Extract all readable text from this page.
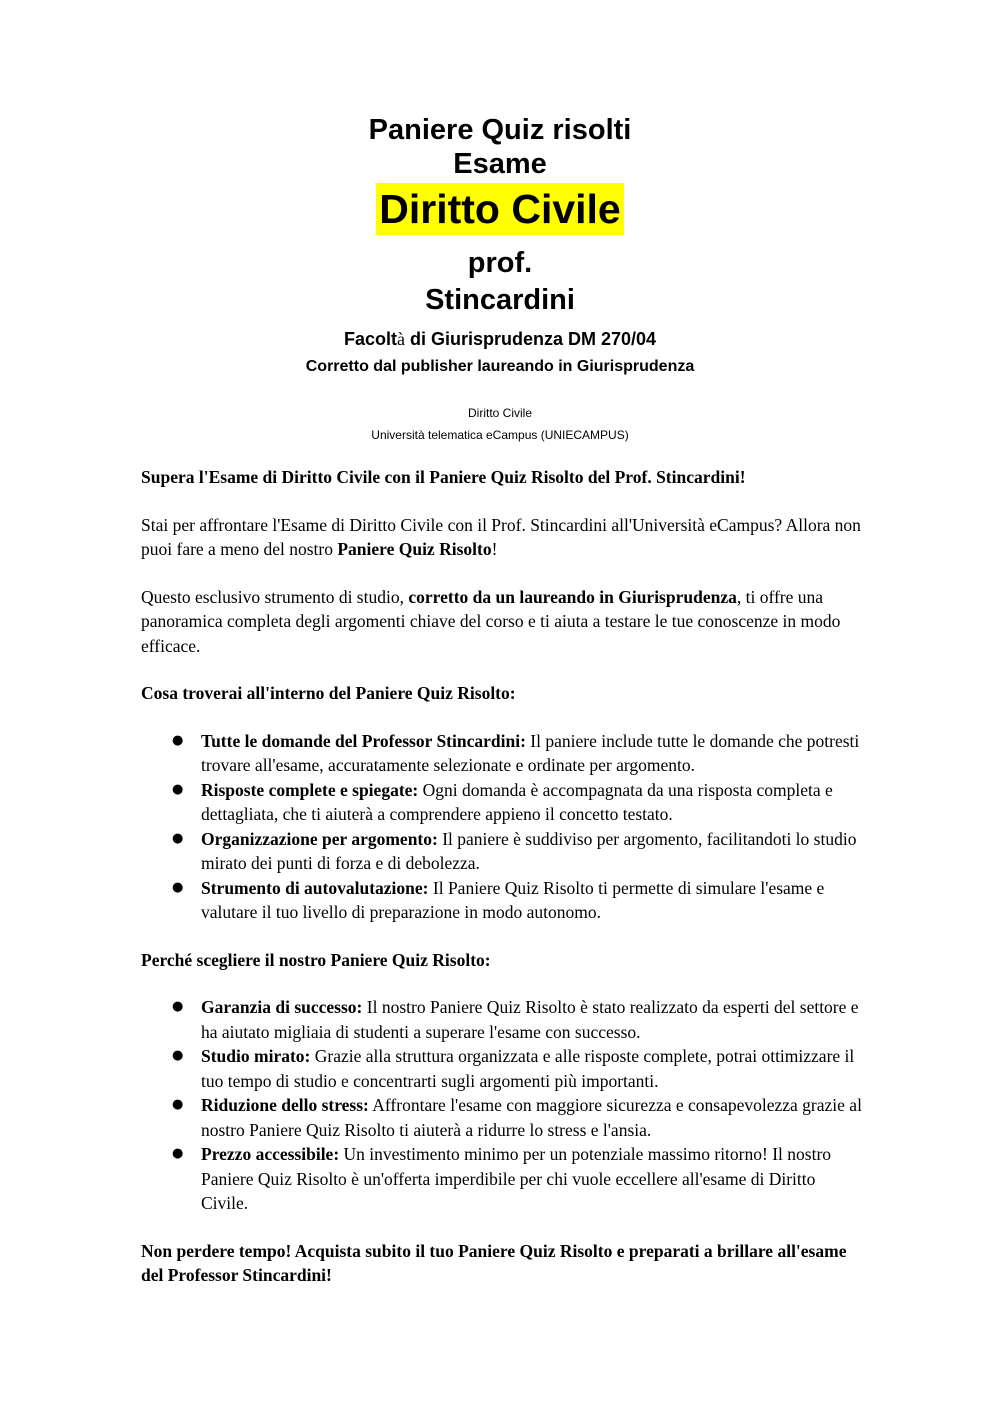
Paniere Quiz risolti
Esame
Diritto Civile
prof.
Stincardini
Facoltà di Giurisprudenza DM 270/04
Corretto dal publisher laureando in Giurisprudenza
Diritto Civile
Università telematica eCampus (UNIECAMPUS)
Supera l'Esame di Diritto Civile con il Paniere Quiz Risolto del Prof. Stincardini!

Stai per affrontare l'Esame di Diritto Civile con il Prof. Stincardini all'Università eCampus? Allora non puoi fare a meno del nostro Paniere Quiz Risolto!

Questo esclusivo strumento di studio, corretto da un laureando in Giurisprudenza, ti offre una panoramica completa degli argomenti chiave del corso e ti aiuta a testare le tue conoscenze in modo efficace.

Cosa troverai all'interno del Paniere Quiz Risolto:
● Tutte le domande del Professor Stincardini: Il paniere include tutte le domande che potresti trovare all'esame, accuratamente selezionate e ordinate per argomento.
● Risposte complete e spiegate: Ogni domanda è accompagnata da una risposta completa e dettagliata, che ti aiuterà a comprendere appieno il concetto testato.
● Organizzazione per argomento: Il paniere è suddiviso per argomento, facilitandoti lo studio mirato dei punti di forza e di debolezza.
● Strumento di autovalutazione: Il Paniere Quiz Risolto ti permette di simulare l'esame e valutare il tuo livello di preparazione in modo autonomo.
Perché scegliere il nostro Paniere Quiz Risolto:
● Garanzia di successo: Il nostro Paniere Quiz Risolto è stato realizzato da esperti del settore e ha aiutato migliaia di studenti a superare l'esame con successo.
● Studio mirato: Grazie alla struttura organizzata e alle risposte complete, potrai ottimizzare il tuo tempo di studio e concentrarti sugli argomenti più importanti.
● Riduzione dello stress: Affrontare l'esame con maggiore sicurezza e consapevolezza grazie al nostro Paniere Quiz Risolto ti aiuterà a ridurre lo stress e l'ansia.
● Prezzo accessibile: Un investimento minimo per un potenziale massimo ritorno! Il nostro Paniere Quiz Risolto è un'offerta imperdibile per chi vuole eccellere all'esame di Diritto Civile.
Non perdere tempo! Acquista subito il tuo Paniere Quiz Risolto e preparati a brillare all'esame del Professor Stincardini!
